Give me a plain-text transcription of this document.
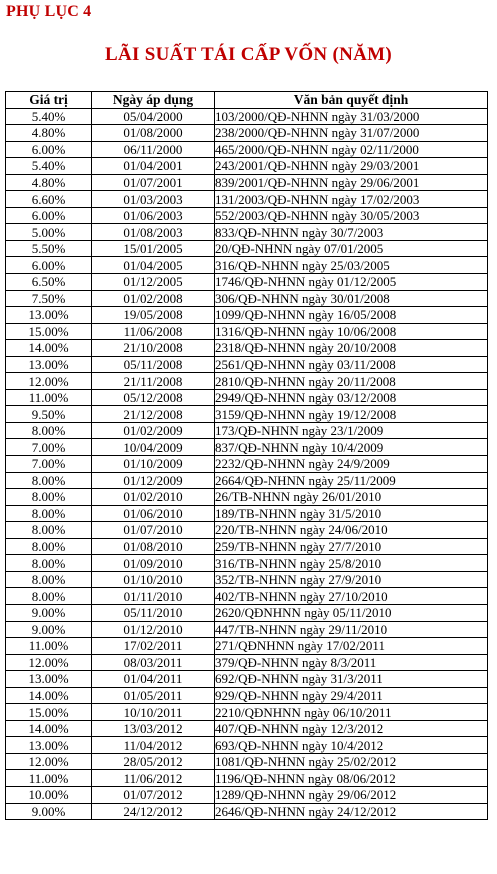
PHỤ LỤC 4
LÃI SUẤT TÁI CẤP VỐN (NĂM)
Giá trị	Ngày áp dụng	Văn bản quyết định
5.40%	05/04/2000	103/2000/QĐ-NHNN ngày 31/03/2000
4.80%	01/08/2000	238/2000/QĐ-NHNN ngày 31/07/2000
6.00%	06/11/2000	465/2000/QĐ-NHNN ngày 02/11/2000
5.40%	01/04/2001	243/2001/QĐ-NHNN ngày 29/03/2001
4.80%	01/07/2001	839/2001/QĐ-NHNN ngày 29/06/2001
6.60%	01/03/2003	131/2003/QĐ-NHNN ngày 17/02/2003
6.00%	01/06/2003	552/2003/QĐ-NHNN ngày 30/05/2003
5.00%	01/08/2003	833/QĐ-NHNN ngày 30/7/2003
5.50%	15/01/2005	20/QĐ-NHNN ngày 07/01/2005
6.00%	01/04/2005	316/QĐ-NHNN ngày 25/03/2005
6.50%	01/12/2005	1746/QĐ-NHNN ngày 01/12/2005
7.50%	01/02/2008	306/QĐ-NHNN ngày 30/01/2008
13.00%	19/05/2008	1099/QĐ-NHNN ngày 16/05/2008
15.00%	11/06/2008	1316/QĐ-NHNN ngày 10/06/2008
14.00%	21/10/2008	2318/QĐ-NHNN ngày 20/10/2008
13.00%	05/11/2008	2561/QĐ-NHNN ngày 03/11/2008
12.00%	21/11/2008	2810/QĐ-NHNN ngày 20/11/2008
11.00%	05/12/2008	2949/QĐ-NHNN ngày 03/12/2008
9.50%	21/12/2008	3159/QĐ-NHNN ngày 19/12/2008
8.00%	01/02/2009	173/QĐ-NHNN ngày 23/1/2009
7.00%	10/04/2009	837/QĐ-NHNN ngày 10/4/2009
7.00%	01/10/2009	2232/QĐ-NHNN ngày 24/9/2009
8.00%	01/12/2009	2664/QĐ-NHNN ngày 25/11/2009
8.00%	01/02/2010	26/TB-NHNN ngày 26/01/2010
8.00%	01/06/2010	189/TB-NHNN ngày 31/5/2010
8.00%	01/07/2010	220/TB-NHNN ngày 24/06/2010
8.00%	01/08/2010	259/TB-NHNN ngày 27/7/2010
8.00%	01/09/2010	316/TB-NHNN ngày 25/8/2010
8.00%	01/10/2010	352/TB-NHNN ngày 27/9/2010
8.00%	01/11/2010	402/TB-NHNN ngày 27/10/2010
9.00%	05/11/2010	2620/QĐNHNN ngày 05/11/2010
9.00%	01/12/2010	447/TB-NHNN ngày 29/11/2010
11.00%	17/02/2011	271/QĐNHNN ngày 17/02/2011
12.00%	08/03/2011	379/QĐ-NHNN ngày 8/3/2011
13.00%	01/04/2011	692/QĐ-NHNN ngày 31/3/2011
14.00%	01/05/2011	929/QĐ-NHNN ngày 29/4/2011
15.00%	10/10/2011	2210/QĐNHNN ngày 06/10/2011
14.00%	13/03/2012	407/QĐ-NHNN ngày 12/3/2012
13.00%	11/04/2012	693/QĐ-NHNN ngày 10/4/2012
12.00%	28/05/2012	1081/QĐ-NHNN ngày 25/02/2012
11.00%	11/06/2012	1196/QĐ-NHNN ngày 08/06/2012
10.00%	01/07/2012	1289/QĐ-NHNN ngày 29/06/2012
9.00%	24/12/2012	2646/QĐ-NHNN ngày 24/12/2012
